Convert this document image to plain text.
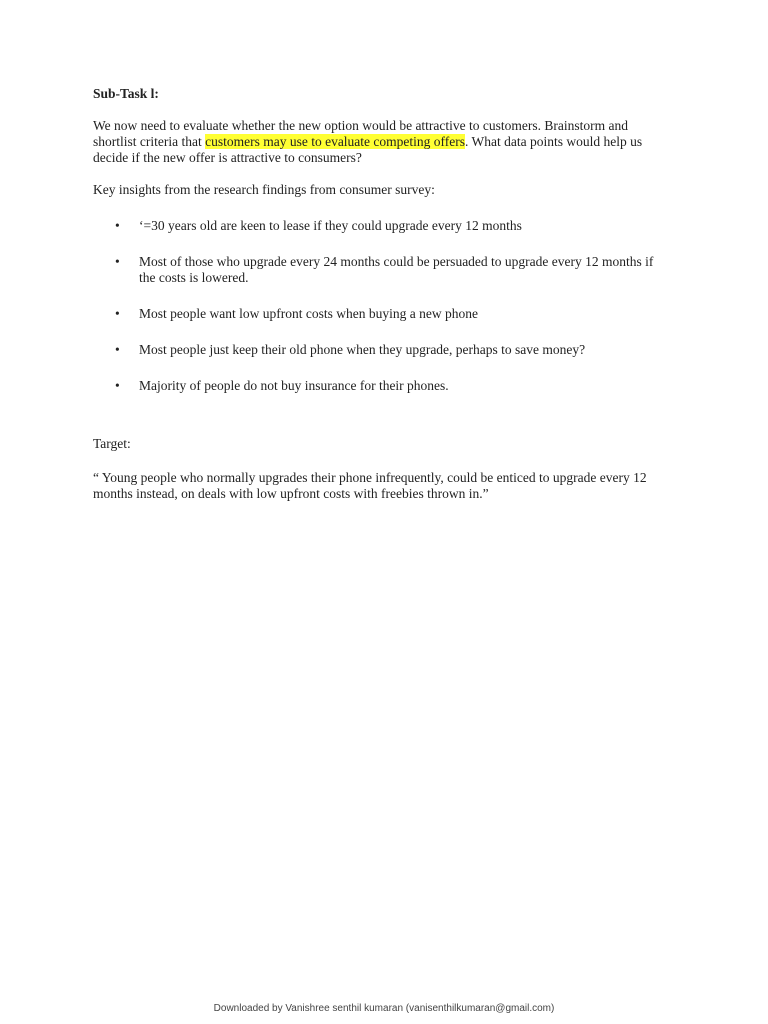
Sub-Task l:

We now need to evaluate whether the new option would be attractive to customers. Brainstorm and shortlist criteria that customers may use to evaluate competing offers. What data points would help us decide if the new offer is attractive to consumers?

Key insights from the research findings from consumer survey:

• ‘=30 years old are keen to lease if they could upgrade every 12 months
• Most of those who upgrade every 24 months could be persuaded to upgrade every 12 months if the costs is lowered.
• Most people want low upfront costs when buying a new phone
• Most people just keep their old phone when they upgrade, perhaps to save money?
• Majority of people do not buy insurance for their phones.

Target:

“ Young people who normally upgrades their phone infrequently, could be enticed to upgrade every 12 months instead, on deals with low upfront costs with freebies thrown in.”

Downloaded by Vanishree senthil kumaran (vanisenthilkumaran@gmail.com)
